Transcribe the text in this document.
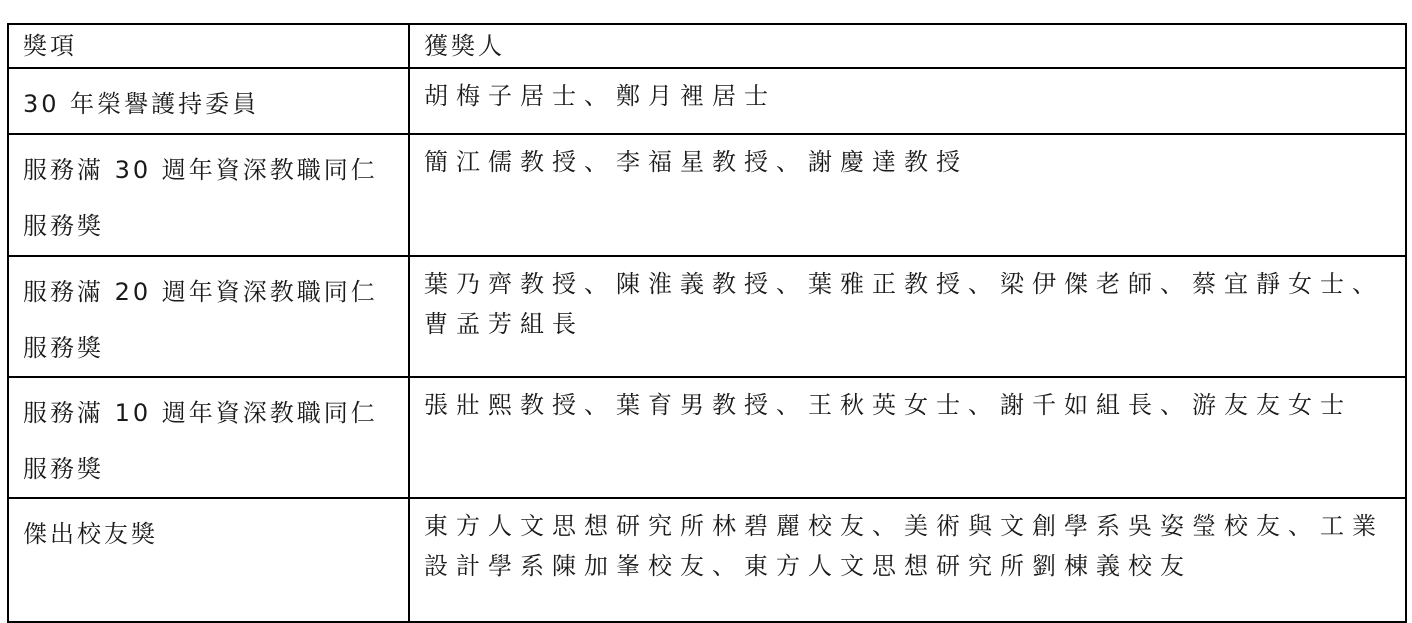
獎項	獲獎人
30 年榮譽護持委員	胡梅子居士、鄭月裡居士
服務滿 30 週年資深教職同仁服務獎	簡江儒教授、李福星教授、謝慶達教授
服務滿 20 週年資深教職同仁服務獎	葉乃齊教授、陳淮義教授、葉雅正教授、梁伊傑老師、蔡宜靜女士、曹孟芳組長
服務滿 10 週年資深教職同仁服務獎	張壯熙教授、葉育男教授、王秋英女士、謝千如組長、游友友女士
傑出校友獎	東方人文思想研究所林碧麗校友、美術與文創學系吳姿瑩校友、工業設計學系陳加峯校友、東方人文思想研究所劉棟義校友
